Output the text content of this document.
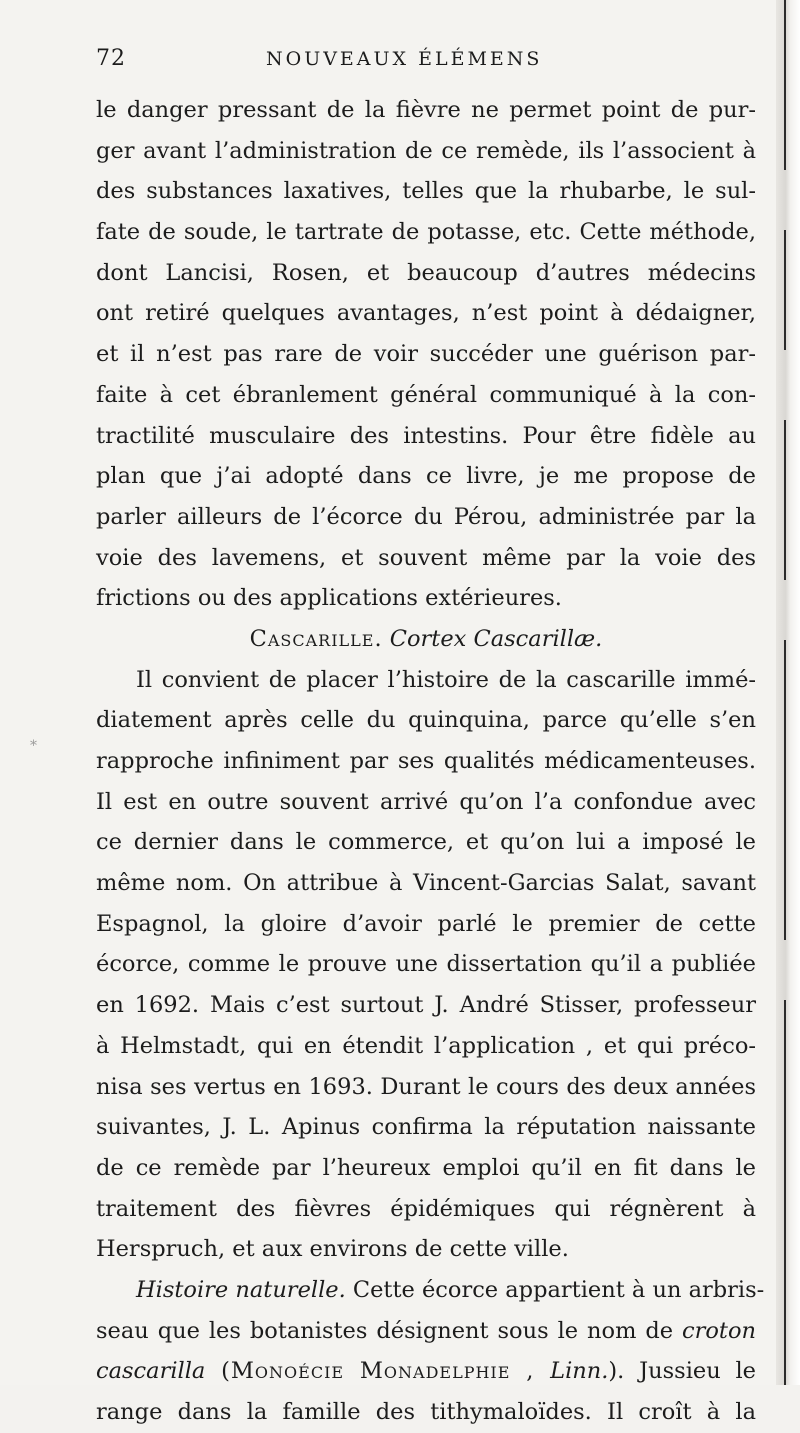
72	NOUVEAUX ÉLÉMENS
le danger pressant de la fièvre ne permet point de pur-
ger avant l’administration de ce remède, ils l’associent à
des substances laxatives, telles que la rhubarbe, le sul-
fate de soude, le tartrate de potasse, etc. Cette méthode,
dont Lancisi, Rosen, et beaucoup d’autres médecins
ont retiré quelques avantages, n’est point à dédaigner,
et il n’est pas rare de voir succéder une guérison par-
faite à cet ébranlement général communiqué à la con-
tractilité musculaire des intestins. Pour être fidèle au
plan que j’ai adopté dans ce livre, je me propose de
parler ailleurs de l’écorce du Pérou, administrée par la
voie des lavemens, et souvent même par la voie des
frictions ou des applications extérieures.
Cascarille. Cortex Cascarillæ.
Il convient de placer l’histoire de la cascarille immé-
diatement après celle du quinquina, parce qu’elle s’en
rapproche infiniment par ses qualités médicamenteuses.
Il est en outre souvent arrivé qu’on l’a confondue avec
ce dernier dans le commerce, et qu’on lui a imposé le
même nom. On attribue à Vincent-Garcias Salat, savant
Espagnol, la gloire d’avoir parlé le premier de cette
écorce, comme le prouve une dissertation qu’il a publiée
en 1692. Mais c’est surtout J. André Stisser, professeur
à Helmstadt, qui en étendit l’application , et qui préco-
nisa ses vertus en 1693. Durant le cours des deux années
suivantes, J. L. Apinus confirma la réputation naissante
de ce remède par l’heureux emploi qu’il en fit dans le
traitement des fièvres épidémiques qui régnèrent à
Herspruch, et aux environs de cette ville.
Histoire naturelle. Cette écorce appartient à un arbris-
seau que les botanistes désignent sous le nom de croton
cascarilla (Monoécie Monadelphie , Linn.). Jussieu le
range dans la famille des tithymaloïdes. Il croît à la
*
